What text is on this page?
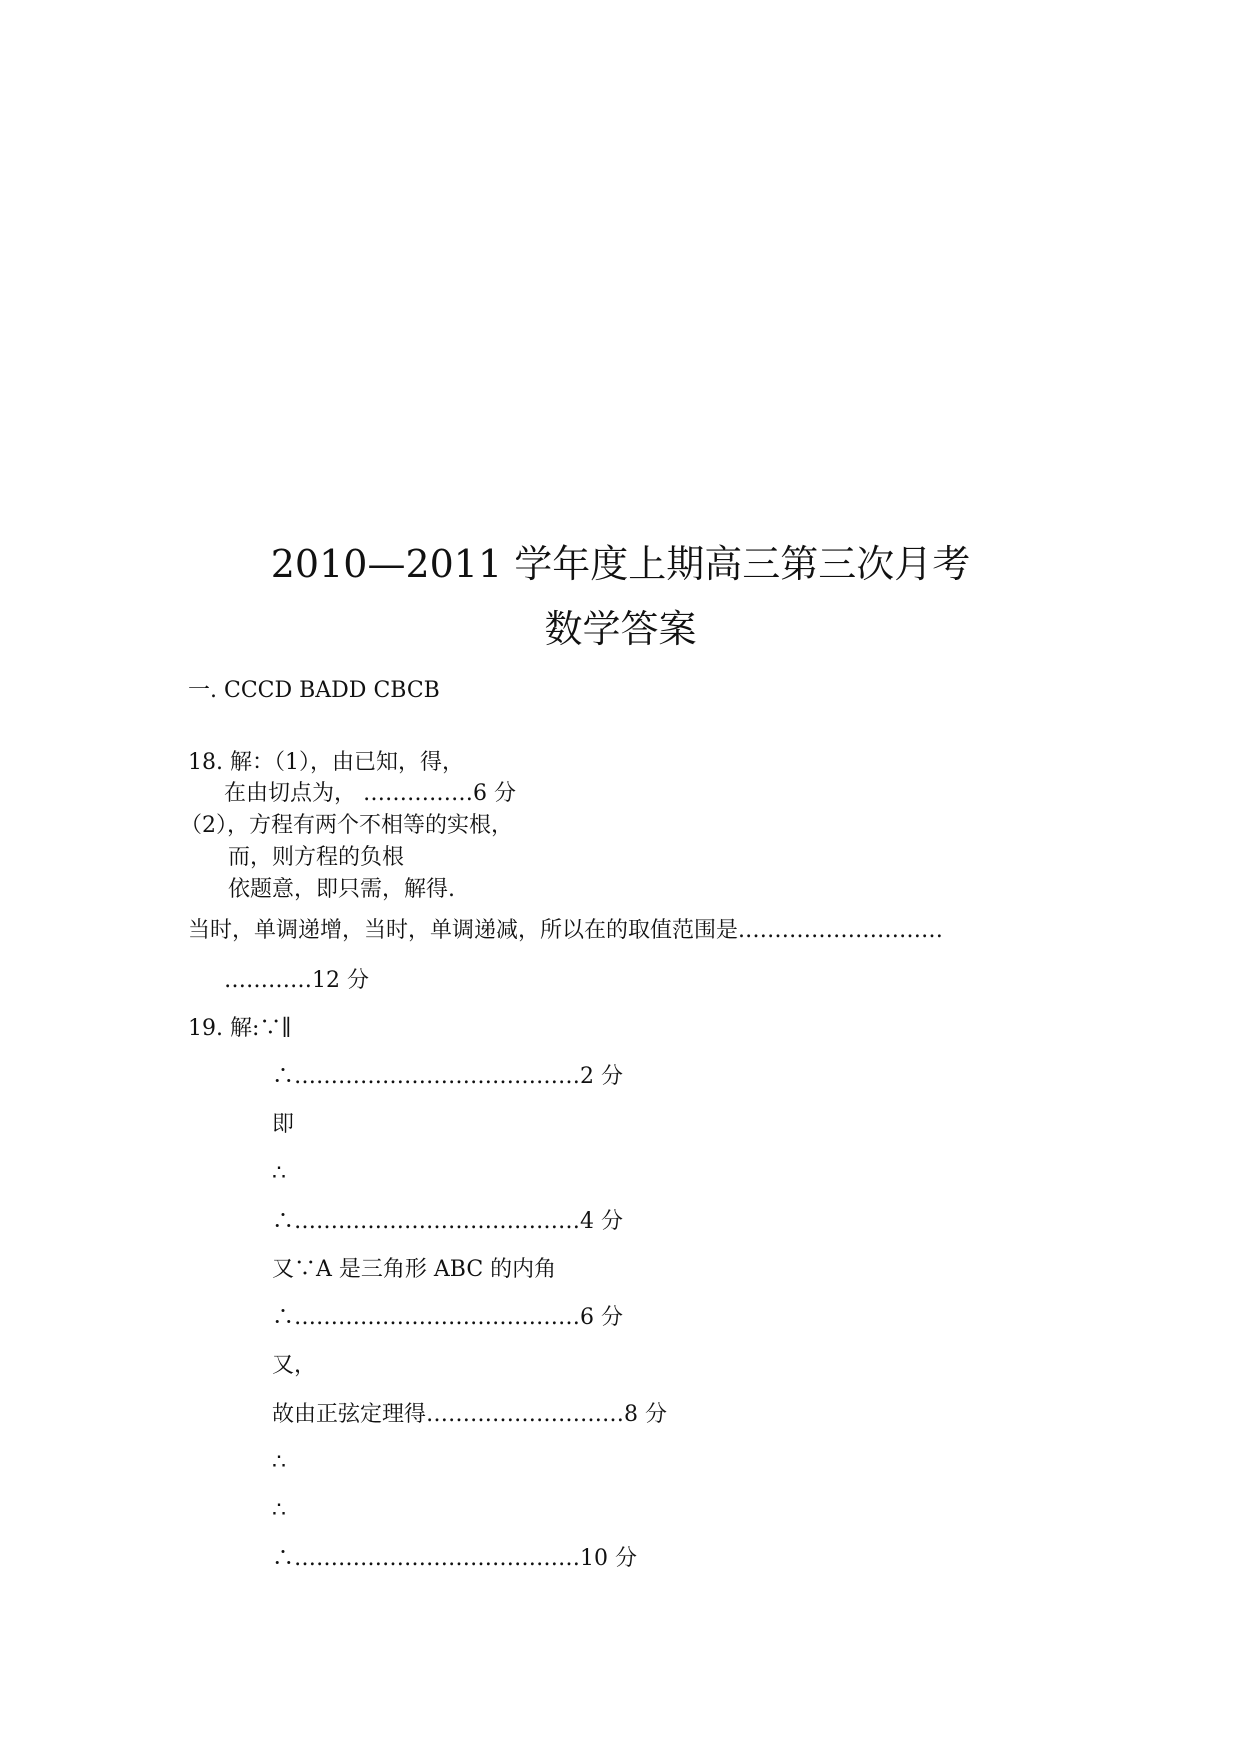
2010—2011 学年度上期高三第三次月考
数学答案
一. CCCD BADD CBCB
18. 解：（1），由已知，得，
在由切点为， ……………6 分
（2），方程有两个不相等的实根，
而，则方程的负根
依题意，即只需，解得.
当时，单调递增，当时，单调递减，所以在的取值范围是.………………………
…………12 分
19. 解:∵∥
∴…………………………………2 分
即
∴
∴…………………………………4 分
又∵A 是三角形 ABC 的内角
∴…………………………………6 分
又，
故由正弦定理得………………………8 分
∴
∴
∴…………………………………10 分
